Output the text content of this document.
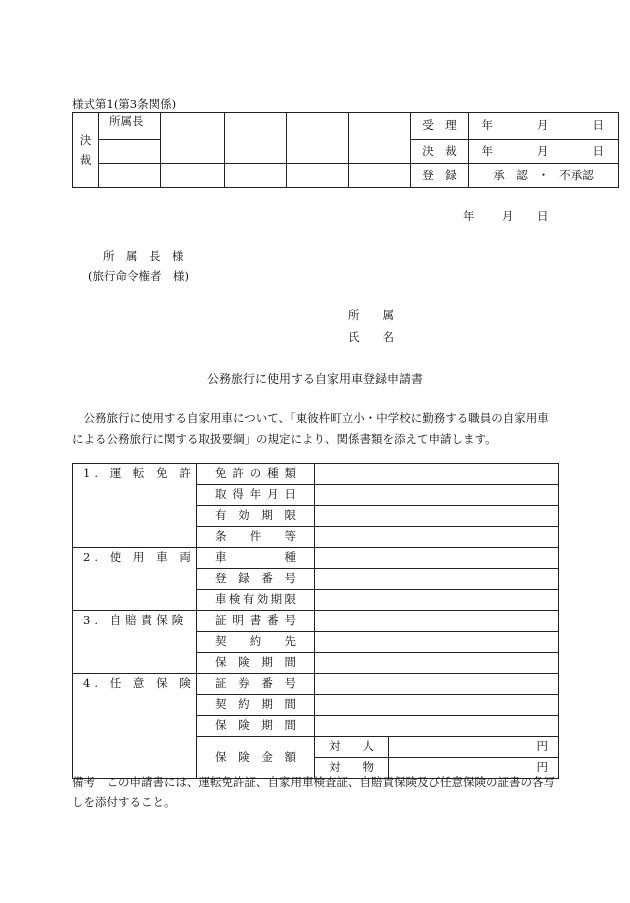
様式第1(第3条関係)
決
裁	所属長					受　理	年 月 日

						決　裁	年 月 日

						登　録	承　認 ・ 不承認
年 月 日
所　属　長　様
(旅行命令権者　様)
所　　属
氏　　名
公務旅行に使用する自家用車登録申請書

公務旅行に使用する自家用車について、「東彼杵町立小・中学校に勤務する職員の自家用車による公務旅行に関する取扱要綱」の規定により、関係書類を添えて申請します。

1. 運 転 免 許	免許の種類		

	取得年月日		

	有効期限		

	条件等		

2. 使 用 車 両	車種		

	登録番号		

	車検有効期限		

3. 自賠責保険	証明書番号		

	契約先		

	保険期間		

4. 任 意 保 険	証券番号		

	契約期間		

	保険期間		

	保険金額	対人	円

		対物	円

備考　この申請書には、運転免許証、自家用車検査証、自賠責保険及び任意保険の証書の各写しを添付すること。
